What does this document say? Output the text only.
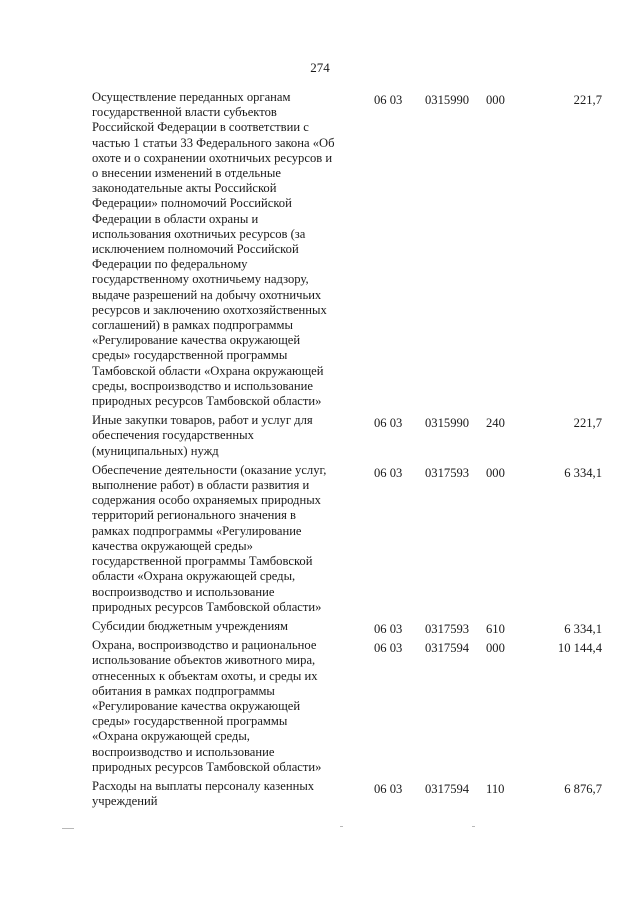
274
Осуществление переданных органам
государственной власти субъектов
Российской Федерации в соответствии с
частью 1 статьи 33 Федерального закона «Об
охоте и о сохранении охотничьих ресурсов и
о внесении изменений в отдельные
законодательные акты Российской
Федерации» полномочий Российской
Федерации в области охраны и
использования охотничьих ресурсов (за
исключением полномочий Российской
Федерации по федеральному
государственному охотничьему надзору,
выдаче разрешений на добычу охотничьих
ресурсов и заключению охотхозяйственных
соглашений) в рамках подпрограммы
«Регулирование качества окружающей
среды» государственной программы
Тамбовской области «Охрана окружающей
среды, воспроизводство и использование
природных ресурсов Тамбовской области»
06 03 0315990 000	221,7
Иные закупки товаров, работ и услуг для
обеспечения государственных
(муниципальных) нужд
06 03 0315990 240	221,7
Обеспечение деятельности (оказание услуг,
выполнение работ) в области развития и
содержания особо охраняемых природных
территорий регионального значения в
рамках подпрограммы «Регулирование
качества окружающей среды»
государственной программы Тамбовской
области «Охрана окружающей среды,
воспроизводство и использование
природных ресурсов Тамбовской области»
06 03 0317593 000	6 334,1
Субсидии бюджетным учреждениям	06 03 0317593 610	6 334,1
Охрана, воспроизводство и рациональное
использование объектов животного мира,
отнесенных к объектам охоты, и среды их
обитания в рамках подпрограммы
«Регулирование качества окружающей
среды» государственной программы
«Охрана окружающей среды,
воспроизводство и использование
природных ресурсов Тамбовской области»
06 03 0317594 000	10 144,4
Расходы на выплаты персоналу казенных
учреждений
06 03 0317594 110	6 876,7
